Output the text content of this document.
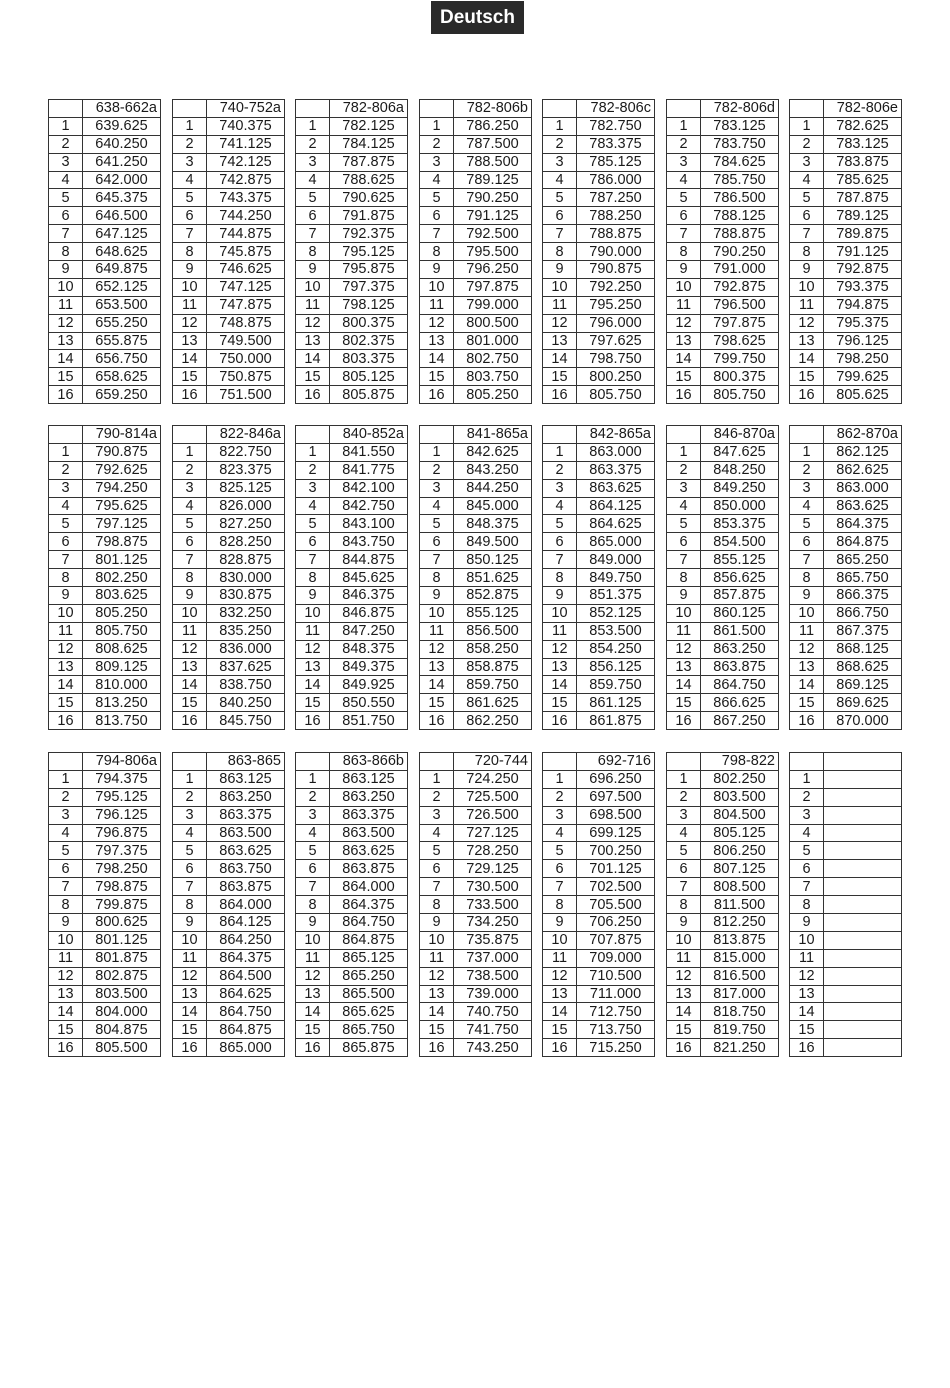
Deutsch
	638-662a
1	639.625
2	640.250
3	641.250
4	642.000
5	645.375
6	646.500
7	647.125
8	648.625
9	649.875
10	652.125
11	653.500
12	655.250
13	655.875
14	656.750
15	658.625
16	659.250
	740-752a
1	740.375
2	741.125
3	742.125
4	742.875
5	743.375
6	744.250
7	744.875
8	745.875
9	746.625
10	747.125
11	747.875
12	748.875
13	749.500
14	750.000
15	750.875
16	751.500
	782-806a
1	782.125
2	784.125
3	787.875
4	788.625
5	790.625
6	791.875
7	792.375
8	795.125
9	795.875
10	797.375
11	798.125
12	800.375
13	802.375
14	803.375
15	805.125
16	805.875
	782-806b
1	786.250
2	787.500
3	788.500
4	789.125
5	790.250
6	791.125
7	792.500
8	795.500
9	796.250
10	797.875
11	799.000
12	800.500
13	801.000
14	802.750
15	803.750
16	805.250
	782-806c
1	782.750
2	783.375
3	785.125
4	786.000
5	787.250
6	788.250
7	788.875
8	790.000
9	790.875
10	792.250
11	795.250
12	796.000
13	797.625
14	798.750
15	800.250
16	805.750
	782-806d
1	783.125
2	783.750
3	784.625
4	785.750
5	786.500
6	788.125
7	788.875
8	790.250
9	791.000
10	792.875
11	796.500
12	797.875
13	798.625
14	799.750
15	800.375
16	805.750
	782-806e
1	782.625
2	783.125
3	783.875
4	785.625
5	787.875
6	789.125
7	789.875
8	791.125
9	792.875
10	793.375
11	794.875
12	795.375
13	796.125
14	798.250
15	799.625
16	805.625
	790-814a
1	790.875
2	792.625
3	794.250
4	795.625
5	797.125
6	798.875
7	801.125
8	802.250
9	803.625
10	805.250
11	805.750
12	808.625
13	809.125
14	810.000
15	813.250
16	813.750
	822-846a
1	822.750
2	823.375
3	825.125
4	826.000
5	827.250
6	828.250
7	828.875
8	830.000
9	830.875
10	832.250
11	835.250
12	836.000
13	837.625
14	838.750
15	840.250
16	845.750
	840-852a
1	841.550
2	841.775
3	842.100
4	842.750
5	843.100
6	843.750
7	844.875
8	845.625
9	846.375
10	846.875
11	847.250
12	848.375
13	849.375
14	849.925
15	850.550
16	851.750
	841-865a
1	842.625
2	843.250
3	844.250
4	845.000
5	848.375
6	849.500
7	850.125
8	851.625
9	852.875
10	855.125
11	856.500
12	858.250
13	858.875
14	859.750
15	861.625
16	862.250
	842-865a
1	863.000
2	863.375
3	863.625
4	864.125
5	864.625
6	865.000
7	849.000
8	849.750
9	851.375
10	852.125
11	853.500
12	854.250
13	856.125
14	859.750
15	861.125
16	861.875
	846-870a
1	847.625
2	848.250
3	849.250
4	850.000
5	853.375
6	854.500
7	855.125
8	856.625
9	857.875
10	860.125
11	861.500
12	863.250
13	863.875
14	864.750
15	866.625
16	867.250
	862-870a
1	862.125
2	862.625
3	863.000
4	863.625
5	864.375
6	864.875
7	865.250
8	865.750
9	866.375
10	866.750
11	867.375
12	868.125
13	868.625
14	869.125
15	869.625
16	870.000
	794-806a
1	794.375
2	795.125
3	796.125
4	796.875
5	797.375
6	798.250
7	798.875
8	799.875
9	800.625
10	801.125
11	801.875
12	802.875
13	803.500
14	804.000
15	804.875
16	805.500
	863-865
1	863.125
2	863.250
3	863.375
4	863.500
5	863.625
6	863.750
7	863.875
8	864.000
9	864.125
10	864.250
11	864.375
12	864.500
13	864.625
14	864.750
15	864.875
16	865.000
	863-866b
1	863.125
2	863.250
3	863.375
4	863.500
5	863.625
6	863.875
7	864.000
8	864.375
9	864.750
10	864.875
11	865.125
12	865.250
13	865.500
14	865.625
15	865.750
16	865.875
	720-744
1	724.250
2	725.500
3	726.500
4	727.125
5	728.250
6	729.125
7	730.500
8	733.500
9	734.250
10	735.875
11	737.000
12	738.500
13	739.000
14	740.750
15	741.750
16	743.250
	692-716
1	696.250
2	697.500
3	698.500
4	699.125
5	700.250
6	701.125
7	702.500
8	705.500
9	706.250
10	707.875
11	709.000
12	710.500
13	711.000
14	712.750
15	713.750
16	715.250
	798-822
1	802.250
2	803.500
3	804.500
4	805.125
5	806.250
6	807.125
7	808.500
8	811.500
9	812.250
10	813.875
11	815.000
12	816.500
13	817.000
14	818.750
15	819.750
16	821.250

1	
2	
3	
4	
5	
6	
7	
8	
9	
10	
11	
12	
13	
14	
15	
16	
